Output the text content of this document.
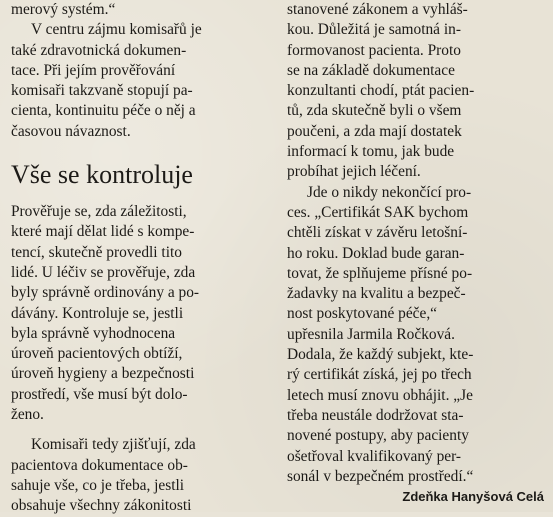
merový systém.“
V centru zájmu komisařů je
také zdravotnická dokumen-
tace. Při jejím prověřování
komisaři takzvaně stopují pa-
cienta, kontinuitu péče o něj a
časovou návaznost.
Vše se kontroluje
Prověřuje se, zda záležitosti,
které mají dělat lidé s kompe-
tencí, skutečně provedli tito
lidé. U léčiv se prověřuje, zda
byly správně ordinovány a po-
dávány. Kontroluje se, jestli
byla správně vyhodnocena
úroveň pacientových obtíží,
úroveň hygieny a bezpečnosti
prostředí, vše musí být dolo-
ženo.
Komisaři tedy zjišťují, zda
pacientova dokumentace ob-
sahuje vše, co je třeba, jestli
obsahuje všechny zákonitosti
stanovené zákonem a vyhláš-
kou. Důležitá je samotná in-
formovanost pacienta. Proto
se na základě dokumentace
konzultanti chodí, ptát pacien-
tů, zda skutečně byli o všem
poučeni, a zda mají dostatek
informací k tomu, jak bude
probíhat jejich léčení.
Jde o nikdy nekončící pro-
ces. „Certifikát SAK bychom
chtěli získat v závěru letošní-
ho roku. Doklad bude garan-
tovat, že splňujeme přísné po-
žadavky na kvalitu a bezpeč-
nost poskytované péče,“
upřesnila Jarmila Ročková.
Dodala, že každý subjekt, kte-
rý certifikát získá, jej po třech
letech musí znovu obhájit. „Je
třeba neustále dodržovat sta-
novené postupy, aby pacienty
ošetřoval kvalifikovaný per-
sonál v bezpečném prostředí.“
Zdeňka Hanyšová Celá
